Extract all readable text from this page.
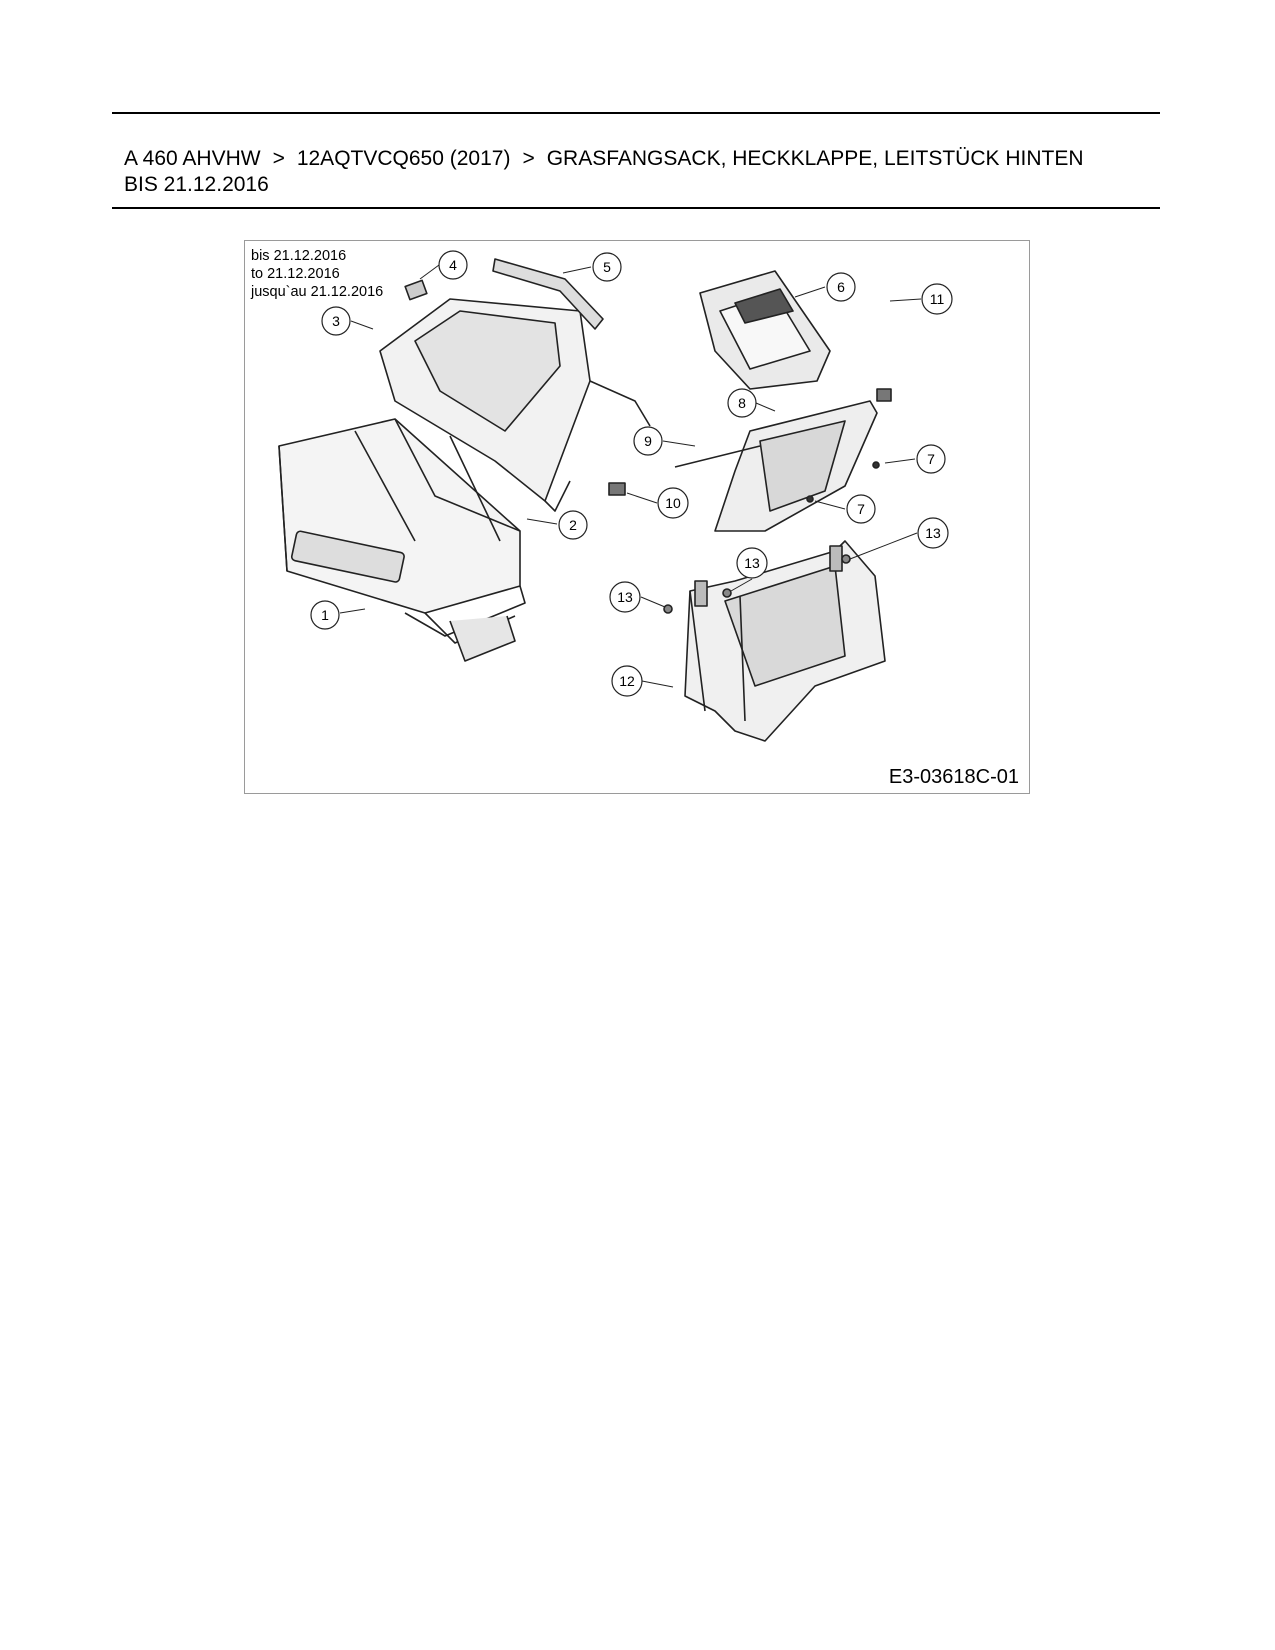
A 460 AHVHW > 12AQTVCQ650 (2017) > GRASFANGSACK, HECKKLAPPE, LEITSTÜCK HINTEN
BIS 21.12.2016
bis 21.12.2016
to 21.12.2016
jusqu`au 21.12.2016
1
2
3
4	5
6
7
7
8
9
10
11
12
13
13
13
E3-03618C-01
